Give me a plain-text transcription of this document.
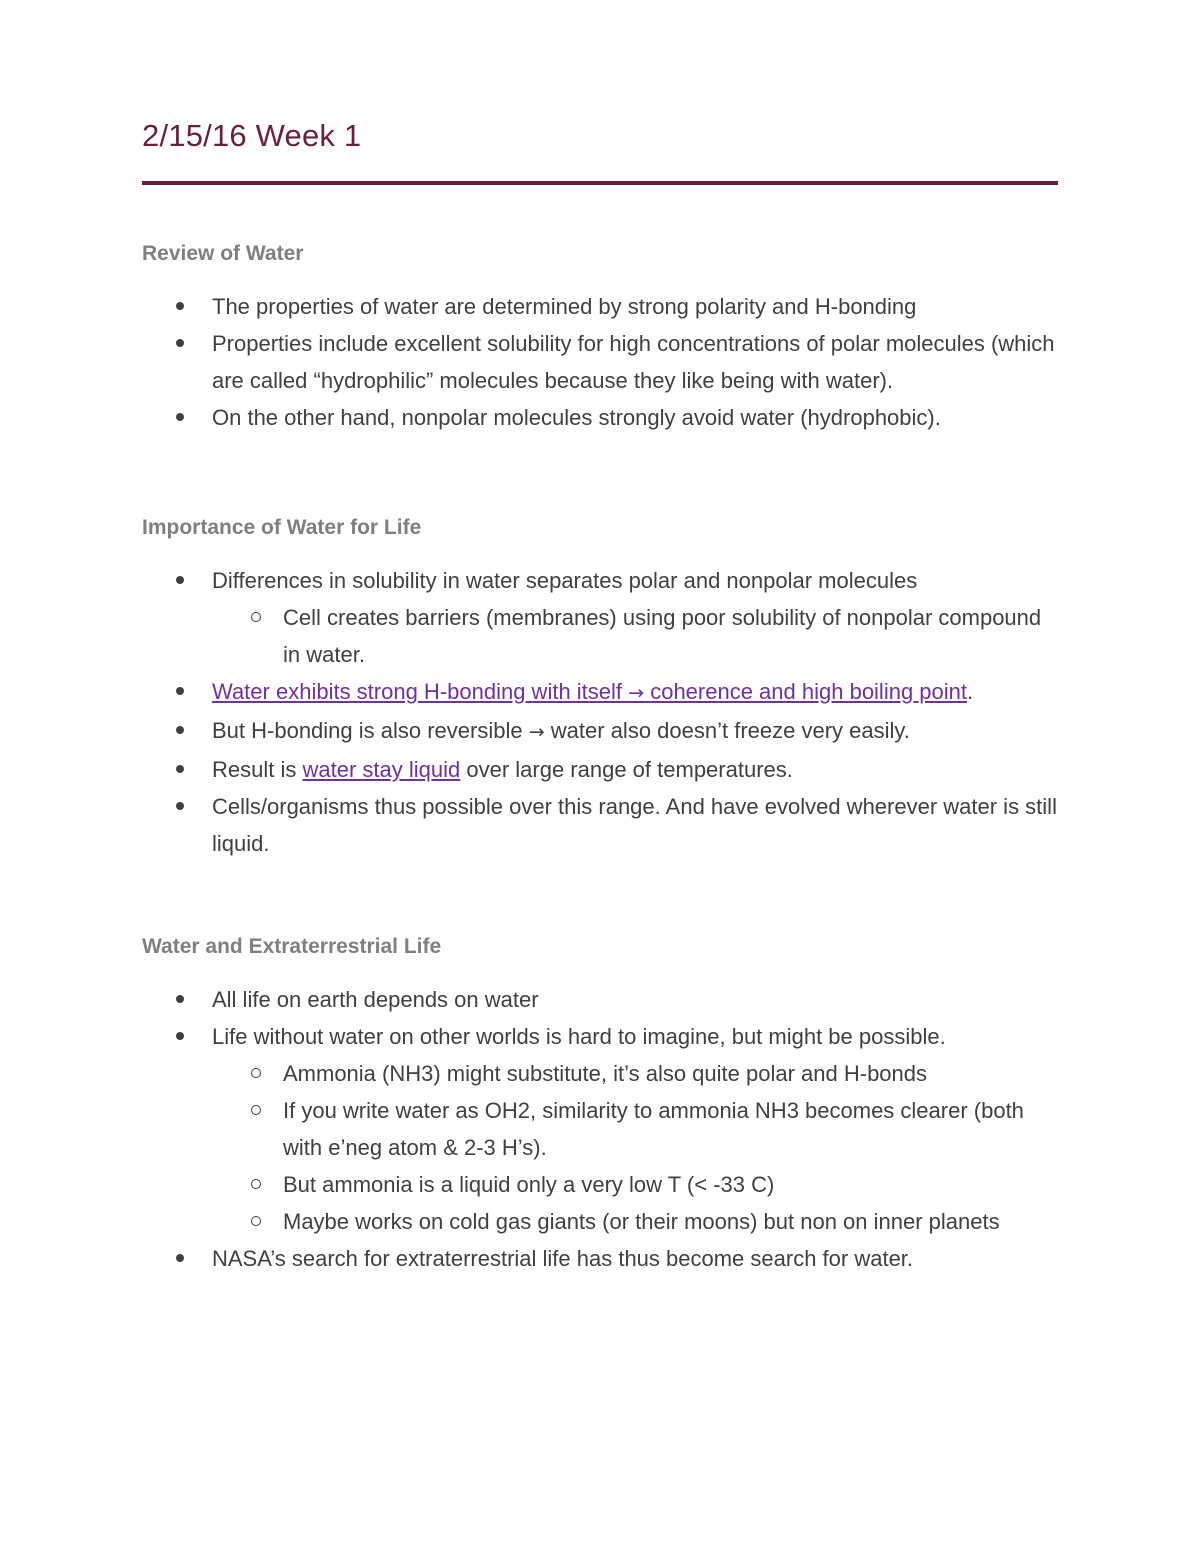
2/15/16 Week 1
Review of Water
The properties of water are determined by strong polarity and H-bonding
Properties include excellent solubility for high concentrations of polar molecules (which are called “hydrophilic” molecules because they like being with water).
On the other hand, nonpolar molecules strongly avoid water (hydrophobic).
Importance of Water for Life
Differences in solubility in water separates polar and nonpolar molecules
Cell creates barriers (membranes) using poor solubility of nonpolar compound in water.
Water exhibits strong H-bonding with itself → coherence and high boiling point.
But H-bonding is also reversible → water also doesn’t freeze very easily.
Result is water stay liquid over large range of temperatures.
Cells/organisms thus possible over this range. And have evolved wherever water is still liquid.
Water and Extraterrestrial Life
All life on earth depends on water
Life without water on other worlds is hard to imagine, but might be possible.
Ammonia (NH3) might substitute, it’s also quite polar and H-bonds
If you write water as OH2, similarity to ammonia NH3 becomes clearer (both with e’neg atom & 2-3 H’s).
But ammonia is a liquid only a very low T (< -33 C)
Maybe works on cold gas giants (or their moons) but non on inner planets
NASA’s search for extraterrestrial life has thus become search for water.
